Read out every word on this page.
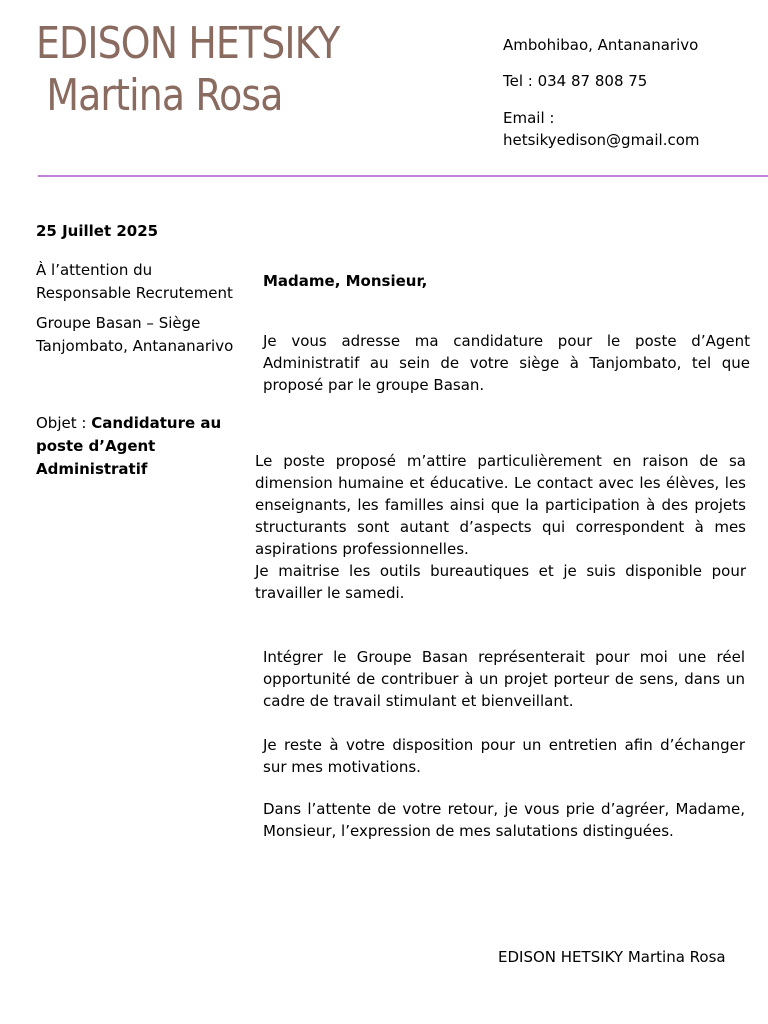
EDISON HETSIKY
Martina Rosa
Ambohibao, Antananarivo
Tel : 034 87 808 75
Email :
hetsikyedison@gmail.com
25 Juillet 2025
À l’attention du
Responsable Recrutement
Groupe Basan – Siège
Tanjombato, Antananarivo
Objet : Candidature au poste d’Agent Administratif
Madame, Monsieur,
Je vous adresse ma candidature pour le poste d’Agent Administratif au sein de votre siège à Tanjombato, tel que proposé par le groupe Basan.
Le poste proposé m’attire particulièrement en raison de sa dimension humaine et éducative. Le contact avec les élèves, les enseignants, les familles ainsi que la participation à des projets structurants sont autant d’aspects qui correspondent à mes aspirations professionnelles.
Je maitrise les outils bureautiques et je suis disponible pour travailler le samedi.
Intégrer le Groupe Basan représenterait pour moi une réel opportunité de contribuer à un projet porteur de sens, dans un cadre de travail stimulant et bienveillant.
Je reste à votre disposition pour un entretien afin d’échanger sur mes motivations.
Dans l’attente de votre retour, je vous prie d’agréer, Madame, Monsieur, l’expression de mes salutations distinguées.
EDISON HETSIKY Martina Rosa
